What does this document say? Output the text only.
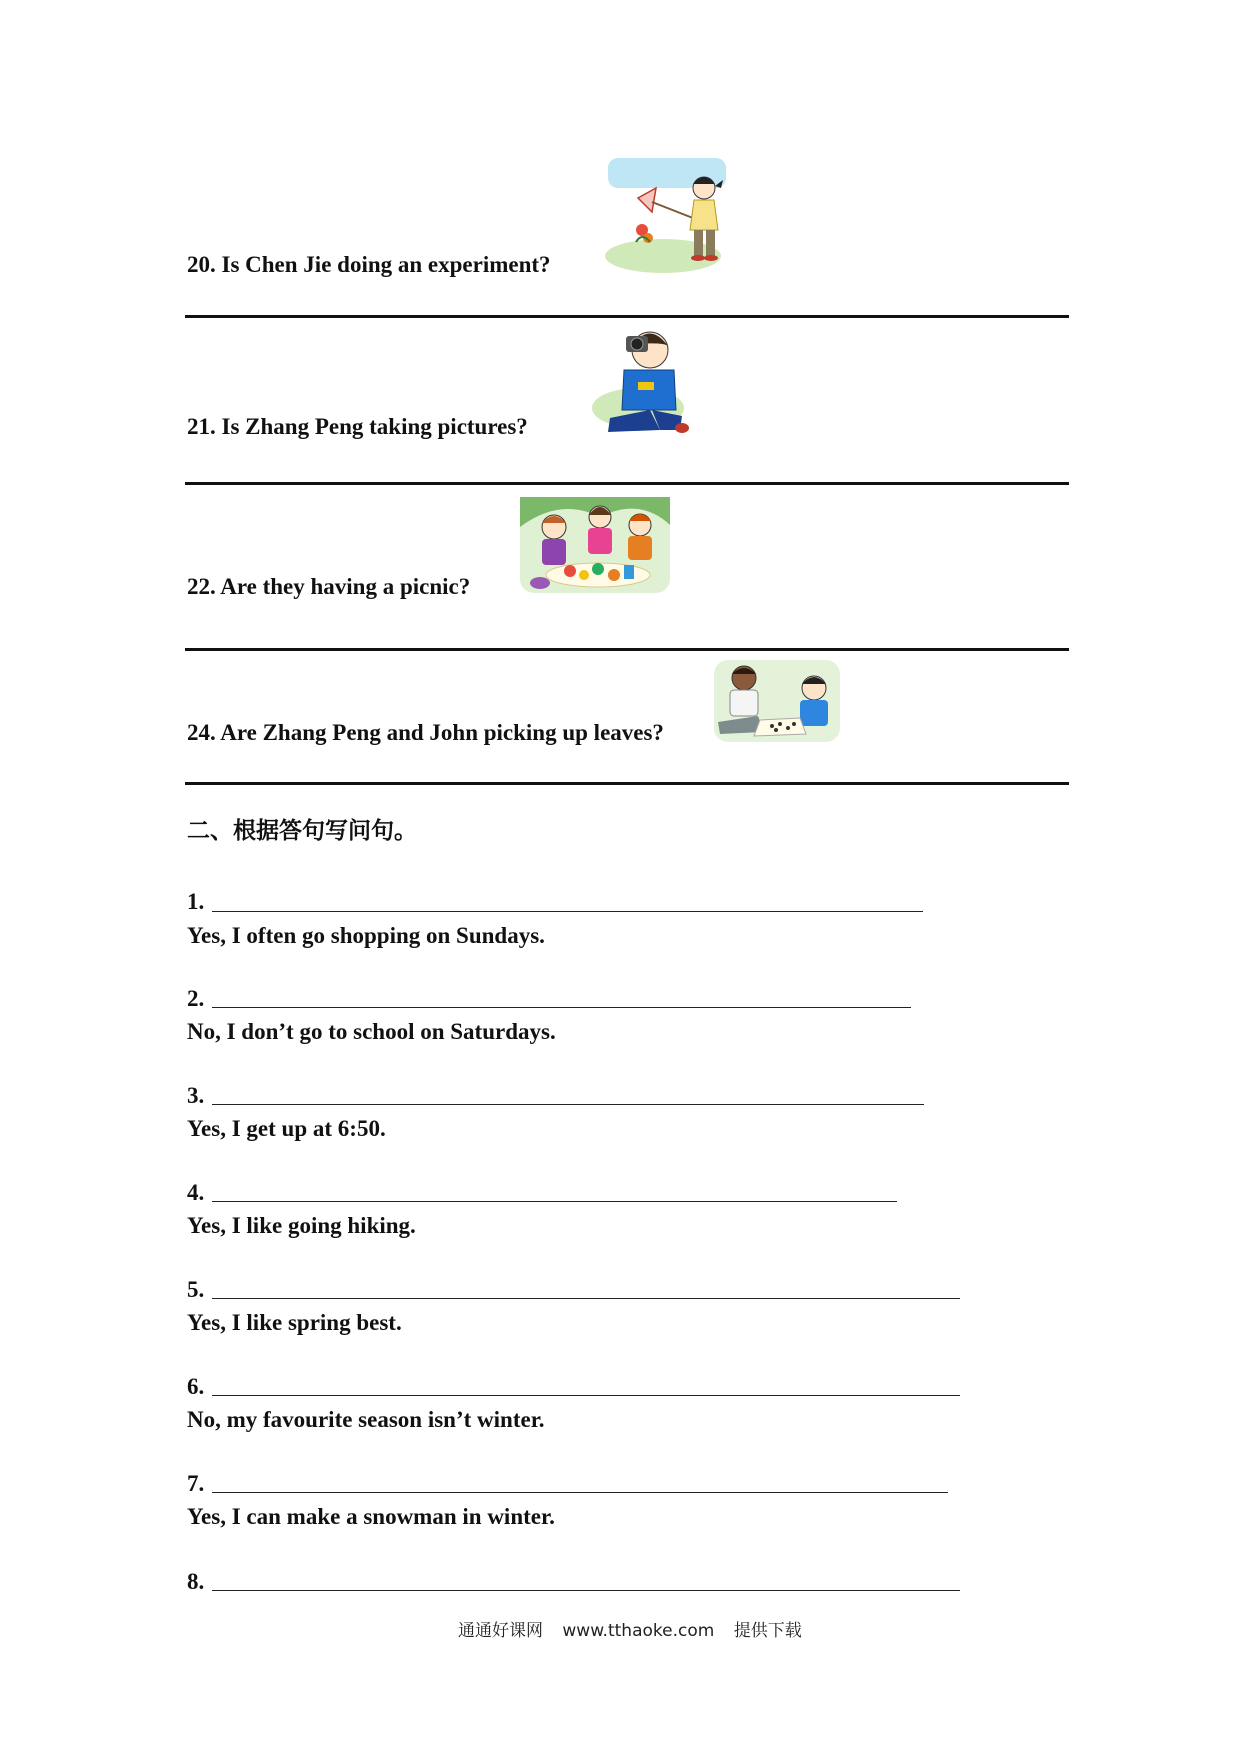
20. Is Chen Jie doing an experiment?
21. Is Zhang Peng taking pictures?
22. Are they having a picnic?
24. Are Zhang Peng and John picking up leaves?
二、根据答句写问句。
1.
Yes, I often go shopping on Sundays.
2.
No, I don’t go to school on Saturdays.
3.
Yes, I get up at 6:50.
4.
Yes, I like going hiking.
5.
Yes, I like spring best.
6.
No, my favourite season isn’t winter.
7.
Yes, I can make a snowman in winter.
8.
通通好课网 www.tthaoke.com 提供下载
